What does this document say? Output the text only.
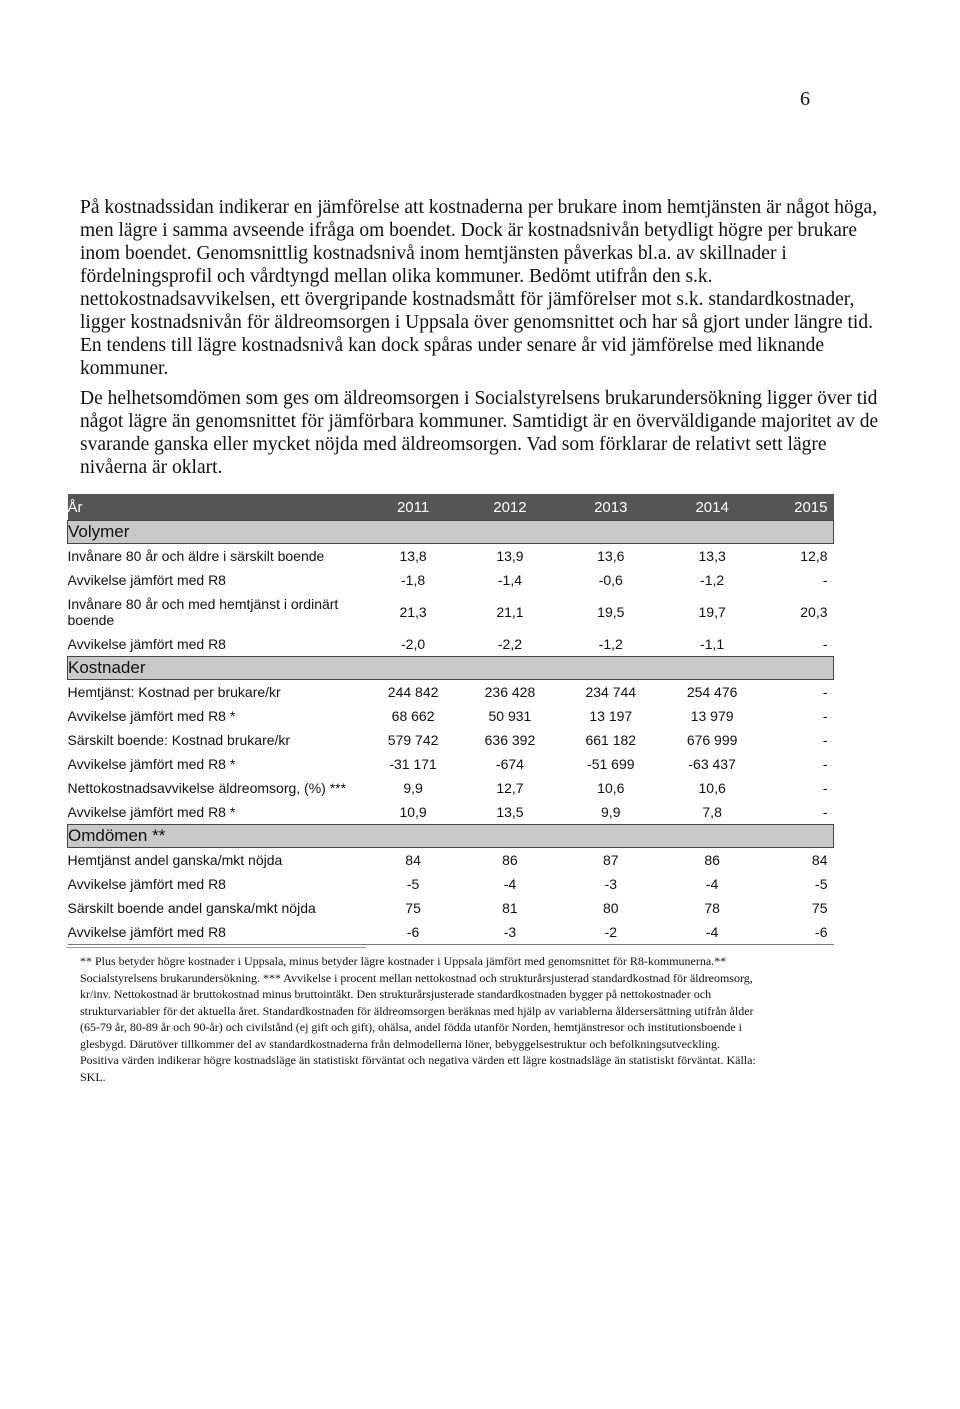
6

På kostnadssidan indikerar en jämförelse att kostnaderna per brukare inom hemtjänsten är något höga,

men lägre i samma avseende ifråga om boendet. Dock är kostnadsnivån betydligt högre per brukare

inom boendet. Genomsnittlig kostnadsnivå inom hemtjänsten påverkas bl.a. av skillnader i

fördelningsprofil och vårdtyngd mellan olika kommuner. Bedömt utifrån den s.k.

nettokostnadsavvikelsen, ett övergripande kostnadsmått för jämförelser mot s.k. standardkostnader,

ligger kostnadsnivån för äldreomsorgen i Uppsala över genomsnittet och har så gjort under längre tid.

En tendens till lägre kostnadsnivå kan dock spåras under senare år vid jämförelse med liknande

kommuner.

De helhetsomdömen som ges om äldreomsorgen i Socialstyrelsens brukarundersökning ligger över tid

något lägre än genomsnittet för jämförbara kommuner. Samtidigt är en överväldigande majoritet av de

svarande ganska eller mycket nöjda med äldreomsorgen. Vad som förklarar de relativt sett lägre

nivåerna är oklart.

År	2011	2012	2013	2014	2015
Volymer					
Invånare 80 år och äldre i särskilt boende	13,8	13,9	13,6	13,3	12,8
Avvikelse jämfört med R8	-1,8	-1,4	-0,6	-1,2	-
Invånare 80 år och med hemtjänst i ordinärt boende	21,3	21,1	19,5	19,7	20,3
Avvikelse jämfört med R8	-2,0	-2,2	-1,2	-1,1	-
Kostnader					
Hemtjänst: Kostnad per brukare/kr	244 842	236 428	234 744	254 476	-
Avvikelse jämfört med R8 *	68 662	50 931	13 197	13 979	-
Särskilt boende: Kostnad brukare/kr	579 742	636 392	661 182	676 999	-
Avvikelse jämfört med R8 *	-31 171	-674	-51 699	-63 437	-
Nettokostnadsavvikelse äldreomsorg, (%) ***	9,9	12,7	10,6	10,6	-
Avvikelse jämfört med R8 *	10,9	13,5	9,9	7,8	-
Omdömen **					
Hemtjänst andel ganska/mkt nöjda	84	86	87	86	84
Avvikelse jämfört med R8	-5	-4	-3	-4	-5
Särskilt boende andel ganska/mkt nöjda	75	81	80	78	75
Avvikelse jämfört med R8	-6	-3	-2	-4	-6

** Plus betyder högre kostnader i Uppsala, minus betyder lägre kostnader i Uppsala jämfört med genomsnittet för R8-kommunerna.**

Socialstyrelsens brukarundersökning. *** Avvikelse i procent mellan nettokostnad och strukturårsjusterad standardkostnad för äldreomsorg,

kr/inv. Nettokostnad är bruttokostnad minus bruttointäkt. Den strukturårsjusterade standardkostnaden bygger på nettokostnader och

strukturvariabler för det aktuella året. Standardkostnaden för äldreomsorgen beräknas med hjälp av variablerna åldersersättning utifrån ålder

(65-79 år, 80-89 år och 90-år) och civilstånd (ej gift och gift), ohälsa, andel födda utanför Norden, hemtjänstresor och institutionsboende i

glesbygd. Därutöver tillkommer del av standardkostnaderna från delmodellerna löner, bebyggelsestruktur och befolkningsutveckling.

Positiva värden indikerar högre kostnadsläge än statistiskt förväntat och negativa värden ett lägre kostnadsläge än statistiskt förväntat. Källa:

SKL.
